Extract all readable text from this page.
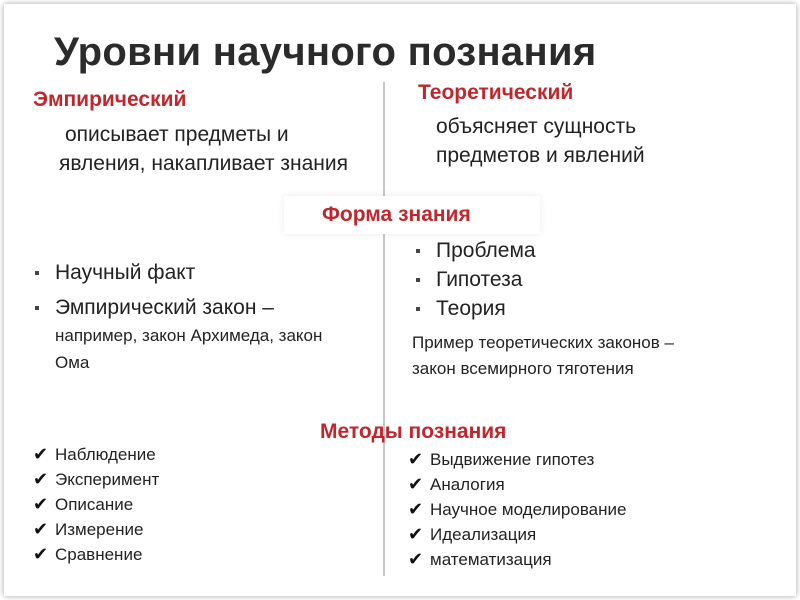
Уровни научного познания
Эмпирический
описывает предметы и явления, накапливает знания
Научный факт
Эмпирический закон –
например, закон Архимеда, закон Ома
Теоретический
объясняет сущность предметов и явлений
Форма знания
Проблема
Гипотеза
Теория
Пример теоретических законов – закон всемирного тяготения
Методы познания
✔ Наблюдение
✔ Эксперимент
✔ Описание
✔ Измерение
✔ Сравнение
✔ Выдвижение гипотез
✔ Аналогия
✔ Научное моделирование
✔ Идеализация
✔ математизация
